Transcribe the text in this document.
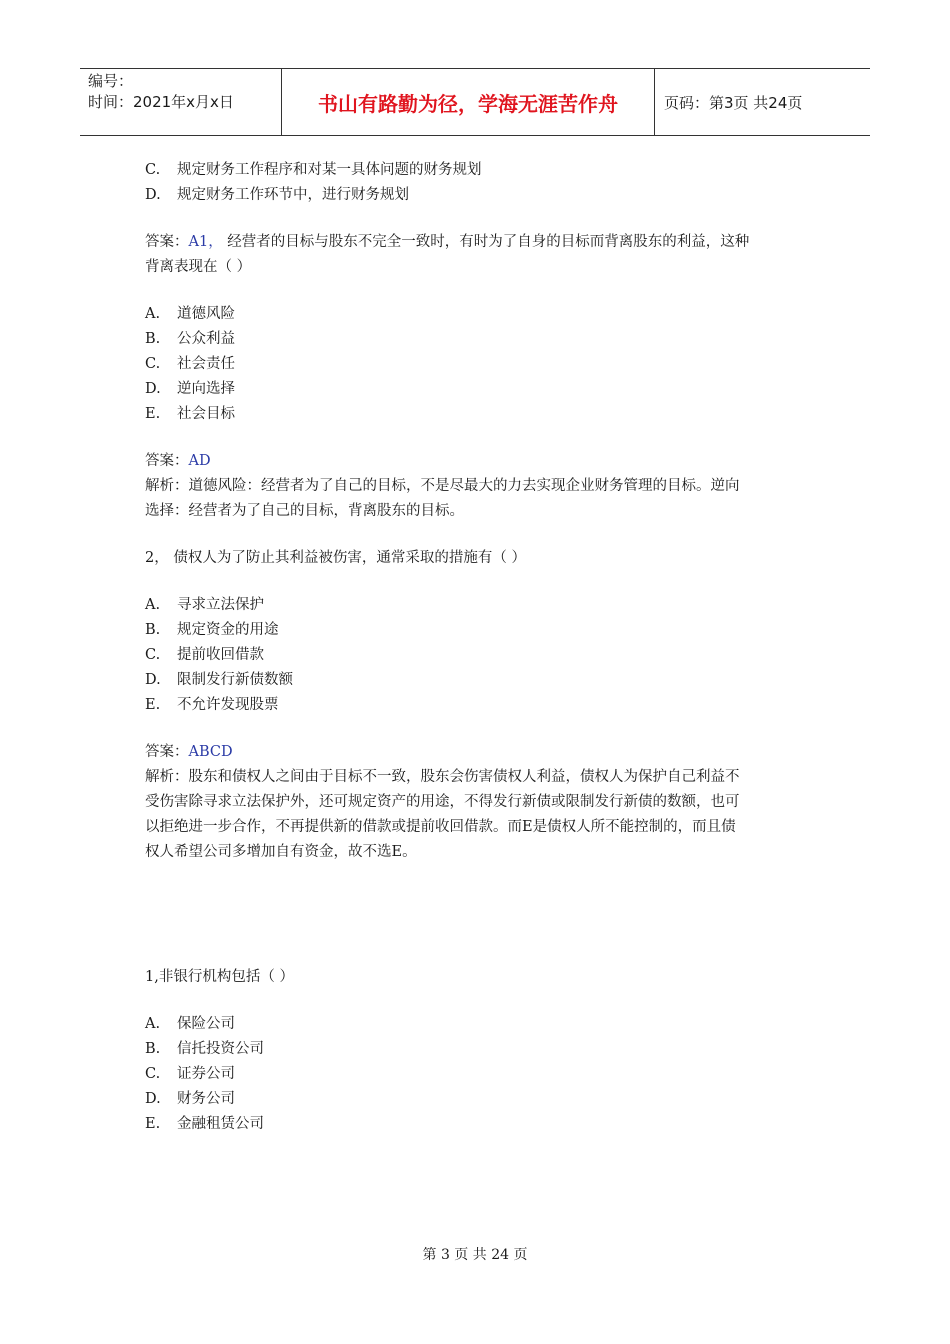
编号：
时间：2021年x月x日	书山有路勤为径，学海无涯苦作舟	页码：第3页 共24页
C.	规定财务工作程序和对某一具体问题的财务规划
D.	规定财务工作环节中，进行财务规划
答案：A1， 经营者的目标与股东不完全一致时，有时为了自身的目标而背离股东的利益，这种
背离表现在（ ）
A.	道德风险
B.	公众利益
C.	社会责任
D.	逆向选择
E.	社会目标
答案：AD
解析：道德风险：经营者为了自己的目标，不是尽最大的力去实现企业财务管理的目标。逆向
选择：经营者为了自己的目标，背离股东的目标。
2， 债权人为了防止其利益被伤害，通常采取的措施有（ ）
A.	寻求立法保护
B.	规定资金的用途
C.	提前收回借款
D.	限制发行新债数额
E.	不允许发现股票
答案：ABCD
解析：股东和债权人之间由于目标不一致，股东会伤害债权人利益，债权人为保护自己利益不
受伤害除寻求立法保护外，还可规定资产的用途，不得发行新债或限制发行新债的数额，也可
以拒绝进一步合作，不再提供新的借款或提前收回借款。而E是债权人所不能控制的，而且债
权人希望公司多增加自有资金，故不选E。
1,非银行机构包括（ ）
A.	保险公司
B.	信托投资公司
C.	证券公司
D.	财务公司
E.	金融租赁公司
第 3 页 共 24 页
